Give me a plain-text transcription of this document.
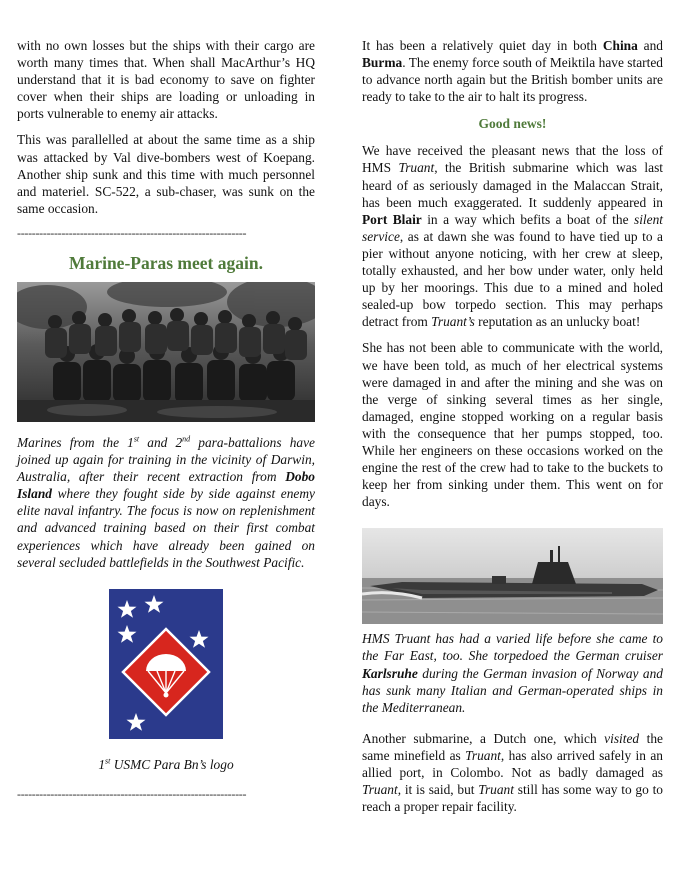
with no own losses but the ships with their cargo are worth many times that. When shall MacArthur’s HQ understand that it is bad economy to save on fighter cover when their ships are loading or unloading in ports vulnerable to enemy air attacks.

This was parallelled at about the same time as a ship was attacked by Val dive-bombers west of Koepang. Another ship sunk and this time with much personnel and materiel. SC-522, a sub-chaser, was sunk on the same occasion.

--------------------------------------------------------------
Marine-Paras meet again.

Marines from the 1st and 2nd para-battalions have joined up again for training in the vicinity of Darwin, Australia, after their recent extraction from Dobo Island where they fought side by side against enemy elite naval infantry. The focus is now on replenishment and advanced training based on their first combat experiences which have already been gained on several secluded battlefields in the Southwest Pacific.

1st USMC Para Bn’s logo

--------------------------------------------------------------

It has been a relatively quiet day in both China and Burma. The enemy force south of Meiktila have started to advance north again but the British bomber units are ready to take to the air to halt its progress.

Good news!

We have received the pleasant news that the loss of HMS Truant, the British submarine which was last heard of as seriously damaged in the Malaccan Strait, has been much exaggerated. It suddenly appeared in Port Blair in a way which befits a boat of the silent service, as at dawn she was found to have tied up to a pier without anyone noticing, with her crew at sleep, totally exhausted, and her bow under water, only held up by her moorings. This due to a mined and holed sealed-up bow torpedo section. This may perhaps detract from Truant’s reputation as an unlucky boat!

She has not been able to communicate with the world, we have been told, as much of her electrical systems were damaged in and after the mining and she was on the verge of sinking several times as her single, damaged, engine stopped working on a regular basis with the consequence that her pumps stopped, too. While her engineers on these occasions worked on the engine the rest of the crew had to take to the buckets to keep her from sinking under them. This went on for days.

HMS Truant has had a varied life before she came to the Far East, too. She torpedoed the German cruiser Karlsruhe during the German invasion of Norway and has sunk many Italian and German-operated ships in the Mediterranean.

Another submarine, a Dutch one, which visited the same minefield as Truant, has also arrived safely in an allied port, in Colombo. Not as badly damaged as Truant, it is said, but Truant still has some way to go to reach a proper repair facility.
